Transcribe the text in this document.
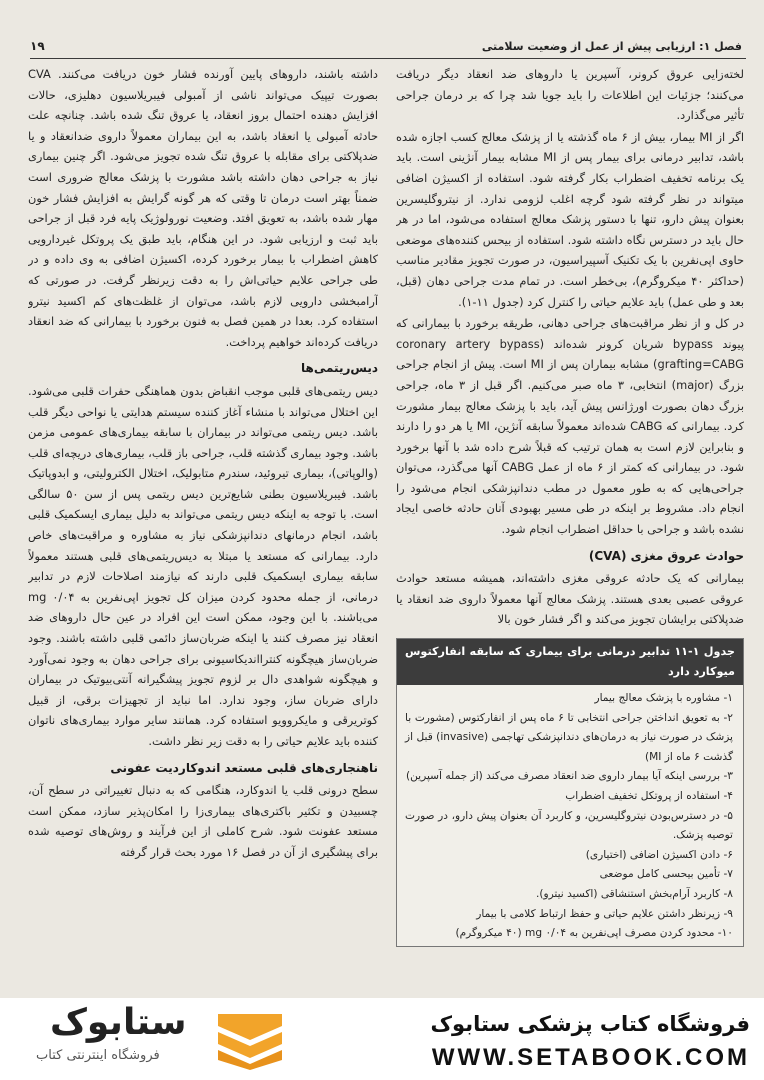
فصل ۱: ارزیابی پیش از عمل از وضعیت سلامتی
۱۹

لخته‌زایی عروق کرونر، آسپرین یا داروهای ضد انعقاد دیگر دریافت می‌کنند؛ جزئیات این اطلاعات را باید جویا شد چرا که بر درمان جراحی تأثیر می‌گذارد.

اگر از MI بیمار، بیش از ۶ ماه گذشته یا از پزشک معالج کسب اجازه شده باشد، تدابیر درمانی برای بیمار پس از MI مشابه بیمار آنژینی است. باید یک برنامه تخفیف اضطراب بکار گرفته شود. استفاده از اکسیژن اضافی میتواند در نظر گرفته شود گرچه اغلب لزومی ندارد. از نیتروگلیسرین بعنوان پیش دارو، تنها با دستور پزشک معالج استفاده می‌شود، اما در هر حال باید در دسترس نگاه داشته شود. استفاده از بیحس کننده‌های موضعی حاوی اپی‌نفرین با یک تکنیک آسپیراسیون، در صورت تجویز مقادیر مناسب (حداکثر ۴۰ میکروگرم)، بی‌خطر است. در تمام مدت جراحی دهان (قبل، بعد و طی عمل) باید علایم حیاتی را کنترل کرد (جدول ۱۱-۱).

در کل و از نظر مراقبت‌های جراحی دهانی، طریقه برخورد با بیمارانی که پیوند bypass شریان کرونر شده‌اند (coronary artery bypass grafting=CABG) مشابه بیماران پس از MI است. پیش از انجام جراحی بزرگ (major) انتخابی، ۳ ماه صبر می‌کنیم. اگر قبل از ۳ ماه، جراحی بزرگ دهان بصورت اورژانس پیش آید، باید با پزشک معالج بیمار مشورت کرد. بیمارانی که CABG شده‌اند معمولاً سابقه آنژین، MI یا هر دو را دارند و بنابراین لازم است به همان ترتیب که قبلاً شرح داده شد با آنها برخورد شود. در بیمارانی که کمتر از ۶ ماه از عمل CABG آنها می‌گذرد، می‌توان جراحی‌هایی که به طور معمول در مطب دندانپزشکی انجام می‌شود را انجام داد. مشروط بر اینکه در طی مسیر بهبودی آنان حادثه خاصی ایجاد نشده باشد و جراحی با حداقل اضطراب انجام شود.

حوادث عروق مغزی (CVA)

بیمارانی که یک حادثه عروقی مغزی داشته‌اند، همیشه مستعد حوادث عروقی عصبی بعدی هستند. پزشک معالج آنها معمولاً داروی ضد انعقاد یا ضدپلاکتی برایشان تجویز می‌کند و اگر فشار خون بالا

جدول ۱-۱۱ تدابیر درمانی برای بیماری که سابقه انفارکتوس میوکارد دارد
۱- مشاوره با پزشک معالج بیمار
۲- به تعویق انداختن جراحی انتخابی تا ۶ ماه پس از انفارکتوس (مشورت با پزشک در صورت نیاز به درمان‌های دندانپزشکی تهاجمی (invasive) قبل از گذشت ۶ ماه از MI)
۳- بررسی اینکه آیا بیمار داروی ضد انعقاد مصرف می‌کند (از جمله آسپرین)
۴- استفاده از پروتکل تخفیف اضطراب
۵- در دسترس‌بودن نیتروگلیسرین، و کاربرد آن بعنوان پیش دارو، در صورت توصیه پزشک.
۶- دادن اکسیژن اضافی (اختیاری)
۷- تأمین بیحسی کامل موضعی
۸- کاربرد آرام‌بخش استنشاقی (اکسید نیترو).
۹- زیرنظر داشتن علایم حیاتی و حفظ ارتباط کلامی با بیمار
۱۰- محدود کردن مصرف اپی‌نفرین به ۰/۰۴ mg (۴۰ میکروگرم)

داشته باشند، داروهای پایین آورنده فشار خون دریافت می‌کنند. CVA بصورت تیپیک می‌تواند ناشی از آمبولی فیبریلاسیون دهلیزی، حالات افزایش دهنده احتمال بروز انعقاد، یا عروق تنگ شده باشد. چنانچه علت حادثه آمبولی یا انعقاد باشد، به این بیماران معمولاً داروی ضدانعقاد و یا ضدپلاکتی برای مقابله با عروق تنگ شده تجویز می‌شود. اگر چنین بیماری نیاز به جراحی دهان داشته باشد مشورت با پزشک معالج ضروری است ضمناً بهتر است درمان تا وقتی که هر گونه گرایش به افزایش فشار خون مهار شده باشد، به تعویق افتد. وضعیت نورولوژیک پایه فرد قبل از جراحی باید ثبت و ارزیابی شود. در این هنگام، باید طبق یک پروتکل غیردارویی کاهش اضطراب با بیمار برخورد کرده، اکسیژن اضافی به وی داده و در طی جراحی علایم حیاتی‌اش را به دقت زیرنظر گرفت. در صورتی که آرامبخشی دارویی لازم باشد، می‌توان از غلظت‌های کم اکسید نیترو استفاده کرد. بعدا در همین فصل به فنون برخورد با بیمارانی که ضد انعقاد دریافت کرده‌اند خواهیم پرداخت.

دیس‌ریتمی‌ها

دیس ریتمی‌های قلبی موجب انقباض بدون هماهنگی حفرات قلبی می‌شود. این اختلال می‌تواند با منشاء آغاز کننده سیستم هدایتی یا نواحی دیگر قلب باشد. دیس ریتمی می‌تواند در بیماران با سابقه بیماری‌های عمومی مزمن باشد. وجود بیماری گذشته قلب، جراحی باز قلب، بیماری‌های دریچه‌ای قلب (والوپاتی)، بیماری تیروئید، سندرم متابولیک، اختلال الکترولیتی، و ابدوپاتیک باشد. فیبریلاسیون بطنی شایع‌ترین دیس ریتمی پس از سن ۵۰ سالگی است. با توجه به اینکه دیس ریتمی می‌تواند به دلیل بیماری ایسکمیک قلبی باشد، انجام درمانهای دندانپزشکی نیاز به مشاوره و مراقبت‌های خاص دارد. بیمارانی که مستعد یا مبتلا به دیس‌ریتمی‌های قلبی هستند معمولاً سابقه بیماری ایسکمیک قلبی دارند که نیازمند اصلاحات لازم در تدابیر درمانی، از جمله محدود کردن میزان کل تجویز اپی‌نفرین به ۰/۰۴ mg می‌باشند. با این وجود، ممکن است این افراد در عین حال داروهای ضد انعقاد نیز مصرف کنند یا اینکه ضربان‌ساز دائمی قلبی داشته باشند. وجود ضربان‌ساز هیچگونه کنترااندیکاسیونی برای جراحی دهان به وجود نمی‌آورد و هیچگونه شواهدی دال بر لزوم تجویز پیشگیرانه آنتی‌بیوتیک در بیماران دارای ضربان ساز، وجود ندارد. اما نباید از تجهیزات برقی، از قبیل کوتریرقی و مایکروویو استفاده کرد. همانند سایر موارد بیماری‌های ناتوان کننده باید علایم حیاتی را به دقت زیر نظر داشت.

ناهنجاری‌های قلبی مستعد اندوکاردیت عفونی

سطح درونی قلب یا اندوکارد، هنگامی که به دنبال تغییراتی در سطح آن، چسبیدن و تکثیر باکتری‌های بیماری‌زا را امکان‌پذیر سازد، ممکن است مستعد عفونت شود. شرح کاملی از این فرآیند و روش‌های توصیه شده برای پیشگیری از آن در فصل ۱۶ مورد بحث قرار گرفته

فروشگاه کتاب پزشکی ستابوک
WWW.SETABOOK.COM
ستابوک
فروشگاه اینترنتی کتاب
